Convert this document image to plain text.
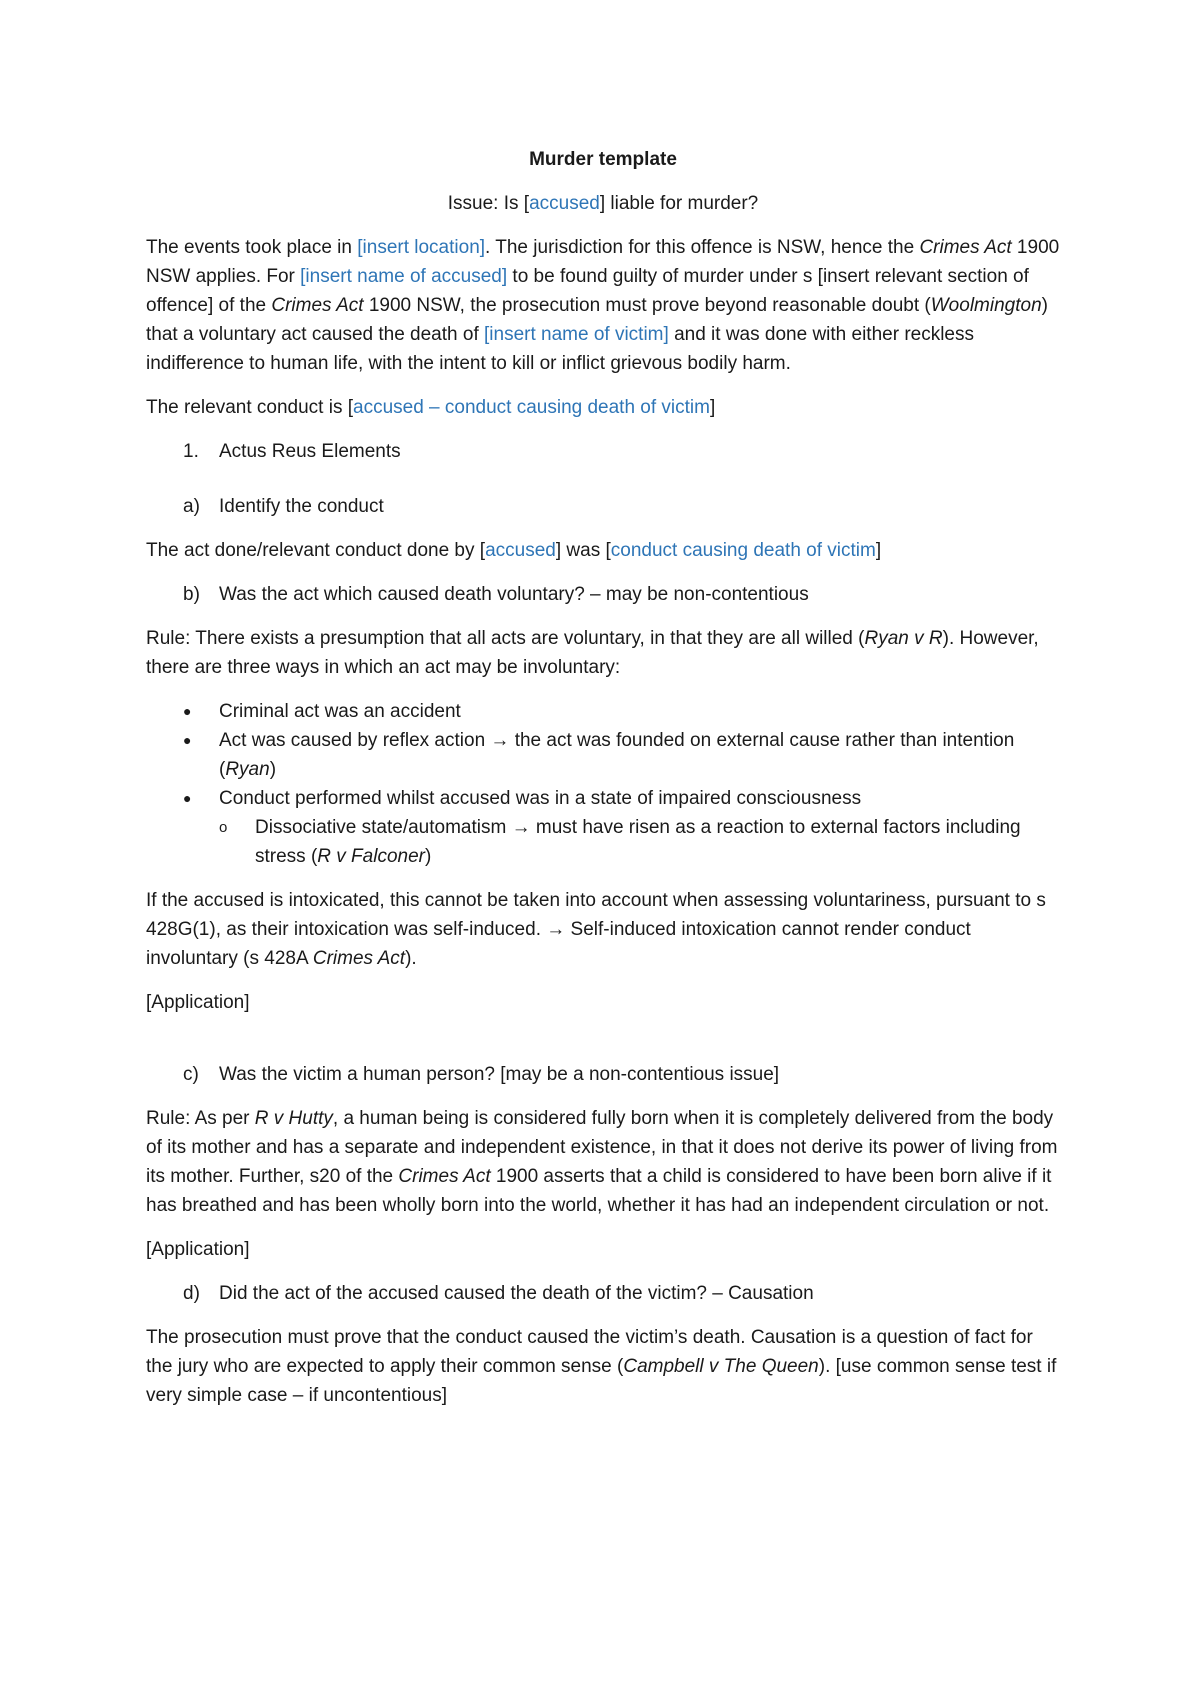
Murder template

Issue: Is [accused] liable for murder?

The events took place in [insert location]. The jurisdiction for this offence is NSW, hence the Crimes Act 1900 NSW applies. For [insert name of accused] to be found guilty of murder under s [insert relevant section of offence] of the Crimes Act 1900 NSW, the prosecution must prove beyond reasonable doubt (Woolmington) that a voluntary act caused the death of [insert name of victim] and it was done with either reckless indifference to human life, with the intent to kill or inflict grievous bodily harm.

The relevant conduct is [accused – conduct causing death of victim]

1.	Actus Reus Elements
a)	Identify the conduct

The act done/relevant conduct done by [accused] was [conduct causing death of victim]

b)	Was the act which caused death voluntary? – may be non-contentious

Rule: There exists a presumption that all acts are voluntary, in that they are all willed (Ryan v R). However, there are three ways in which an act may be involuntary:

●	Criminal act was an accident
●	Act was caused by reflex action → the act was founded on external cause rather than intention (Ryan)
●	Conduct performed whilst accused was in a state of impaired consciousness
o	Dissociative state/automatism → must have risen as a reaction to external factors including stress (R v Falconer)

If the accused is intoxicated, this cannot be taken into account when assessing voluntariness, pursuant to s 428G(1), as their intoxication was self-induced. → Self-induced intoxication cannot render conduct involuntary (s 428A Crimes Act).

[Application]

c)	Was the victim a human person? [may be a non-contentious issue]

Rule: As per R v Hutty, a human being is considered fully born when it is completely delivered from the body of its mother and has a separate and independent existence, in that it does not derive its power of living from its mother. Further, s20 of the Crimes Act 1900 asserts that a child is considered to have been born alive if it has breathed and has been wholly born into the world, whether it has had an independent circulation or not.

[Application]

d)	Did the act of the accused caused the death of the victim? – Causation

The prosecution must prove that the conduct caused the victim’s death. Causation is a question of fact for the jury who are expected to apply their common sense (Campbell v The Queen). [use common sense test if very simple case – if uncontentious]
